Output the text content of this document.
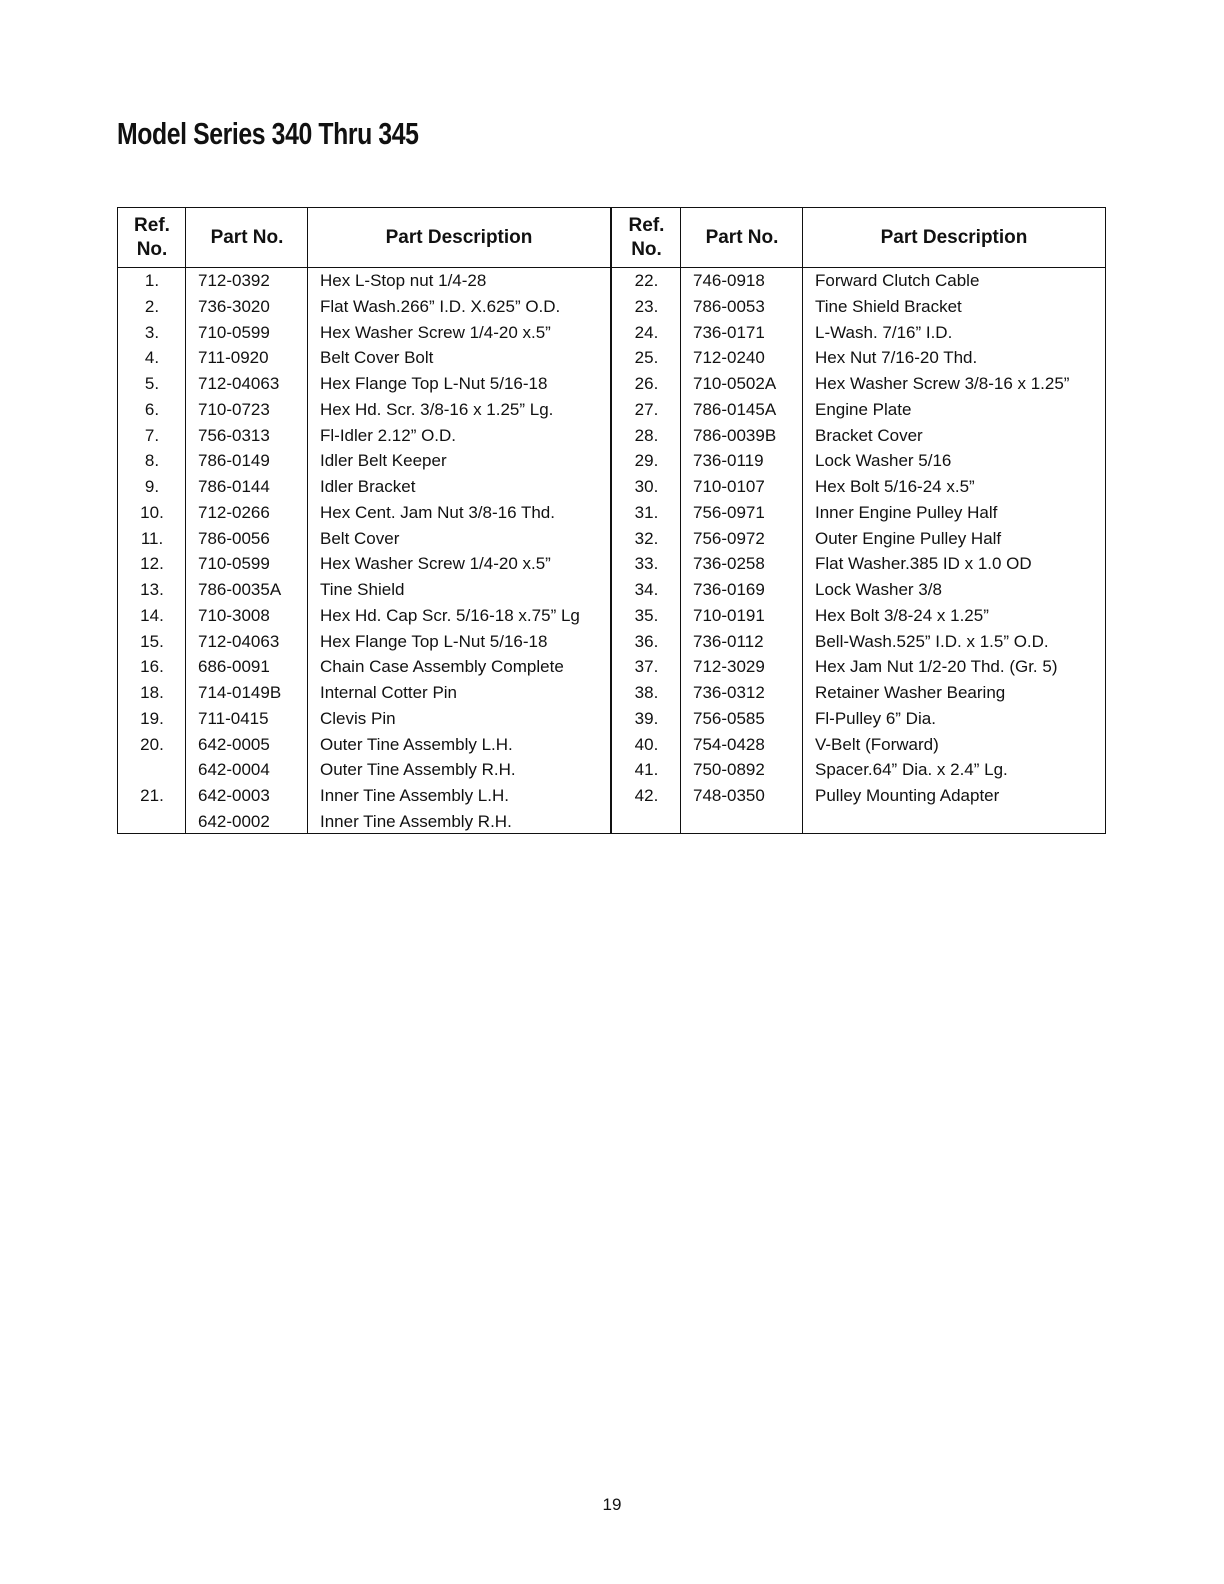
Model Series 340 Thru 345
Ref.
No.	Part No.	Part Description
1.	712-0392	Hex L-Stop nut 1/4-28
2.	736-3020	Flat Wash.266” I.D. X.625” O.D.
3.	710-0599	Hex Washer Screw 1/4-20 x.5”
4.	711-0920	Belt Cover Bolt
5.	712-04063	Hex Flange Top L-Nut 5/16-18
6.	710-0723	Hex Hd. Scr. 3/8-16 x 1.25” Lg.
7.	756-0313	Fl-Idler 2.12” O.D.
8.	786-0149	Idler Belt Keeper
9.	786-0144	Idler Bracket
10.	712-0266	Hex Cent. Jam Nut 3/8-16 Thd.
11.	786-0056	Belt Cover
12.	710-0599	Hex Washer Screw 1/4-20 x.5”
13.	786-0035A	Tine Shield
14.	710-3008	Hex Hd. Cap Scr. 5/16-18 x.75” Lg
15.	712-04063	Hex Flange Top L-Nut 5/16-18
16.	686-0091	Chain Case Assembly Complete
18.	714-0149B	Internal Cotter Pin
19.	711-0415	Clevis Pin
20.	642-0005	Outer Tine Assembly L.H.
	642-0004	Outer Tine Assembly R.H.
21.	642-0003	Inner Tine Assembly L.H.
	642-0002	Inner Tine Assembly R.H.
Ref.
No.	Part No.	Part Description
22.	746-0918	Forward Clutch Cable
23.	786-0053	Tine Shield Bracket
24.	736-0171	L-Wash. 7/16” I.D.
25.	712-0240	Hex Nut 7/16-20 Thd.
26.	710-0502A	Hex Washer Screw 3/8-16 x 1.25”
27.	786-0145A	Engine Plate
28.	786-0039B	Bracket Cover
29.	736-0119	Lock Washer 5/16
30.	710-0107	Hex Bolt 5/16-24 x.5”
31.	756-0971	Inner Engine Pulley Half
32.	756-0972	Outer Engine Pulley Half
33.	736-0258	Flat Washer.385 ID x 1.0 OD
34.	736-0169	Lock Washer 3/8
35.	710-0191	Hex Bolt 3/8-24 x 1.25”
36.	736-0112	Bell-Wash.525” I.D. x 1.5” O.D.
37.	712-3029	Hex Jam Nut 1/2-20 Thd. (Gr. 5)
38.	736-0312	Retainer Washer Bearing
39.	756-0585	Fl-Pulley 6” Dia.
40.	754-0428	V-Belt (Forward)
41.	750-0892	Spacer.64” Dia. x 2.4” Lg.
42.	748-0350	Pulley Mounting Adapter
19
